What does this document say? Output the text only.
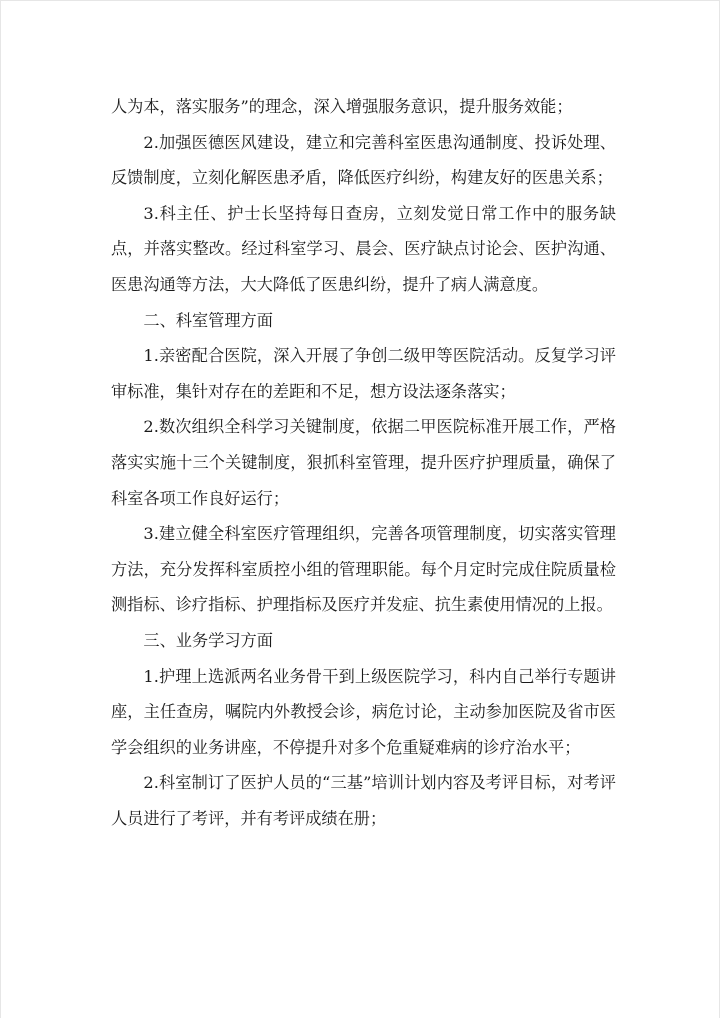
人为本，落实服务”的理念，深入增强服务意识，提升服务效能；

2.加强医德医风建设，建立和完善科室医患沟通制度、投诉处理、反馈制度，立刻化解医患矛盾，降低医疗纠纷，构建友好的医患关系；

3.科主任、护士长坚持每日查房，立刻发觉日常工作中的服务缺点，并落实整改。经过科室学习、晨会、医疗缺点讨论会、医护沟通、医患沟通等方法，大大降低了医患纠纷，提升了病人满意度。

二、科室管理方面

1.亲密配合医院，深入开展了争创二级甲等医院活动。反复学习评审标准，集针对存在的差距和不足，想方设法逐条落实；

2.数次组织全科学习关键制度，依据二甲医院标准开展工作，严格落实实施十三个关键制度，狠抓科室管理，提升医疗护理质量，确保了科室各项工作良好运行；

3.建立健全科室医疗管理组织，完善各项管理制度，切实落实管理方法，充分发挥科室质控小组的管理职能。每个月定时完成住院质量检测指标、诊疗指标、护理指标及医疗并发症、抗生素使用情况的上报。

三、业务学习方面

1.护理上选派两名业务骨干到上级医院学习，科内自己举行专题讲座，主任查房，嘱院内外教授会诊，病危讨论，主动参加医院及省市医学会组织的业务讲座，不停提升对多个危重疑难病的诊疗治水平；

2.科室制订了医护人员的“三基”培训计划内容及考评目标，对考评人员进行了考评，并有考评成绩在册；
